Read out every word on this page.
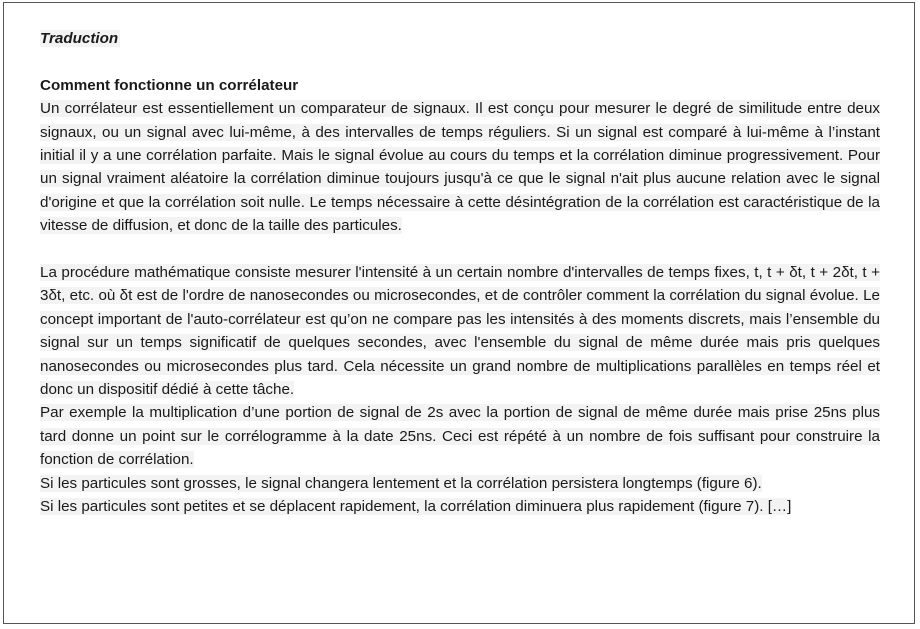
Traduction
Comment fonctionne un corrélateur

Un corrélateur est essentiellement un comparateur de signaux. Il est conçu pour mesurer le degré de similitude entre deux signaux, ou un signal avec lui-même, à des intervalles de temps réguliers. Si un signal est comparé à lui-même à l’instant initial il y a une corrélation parfaite. Mais le signal évolue au cours du temps et la corrélation diminue progressivement. Pour un signal vraiment aléatoire la corrélation diminue toujours jusqu'à ce que le signal n'ait plus aucune relation avec le signal d'origine et que la corrélation soit nulle. Le temps nécessaire à cette désintégration de la corrélation est caractéristique de la vitesse de diffusion, et donc de la taille des particules.

La procédure mathématique consiste mesurer l'intensité à un certain nombre d'intervalles de temps fixes, t, t + δt, t + 2δt, t + 3δt, etc. où δt est de l'ordre de nanosecondes ou microsecondes, et de contrôler comment la corrélation du signal évolue. Le concept important de l'auto-corrélateur est qu’on ne compare pas les intensités à des moments discrets, mais l’ensemble du signal sur un temps significatif de quelques secondes, avec l'ensemble du signal de même durée mais pris quelques nanosecondes ou microsecondes plus tard. Cela nécessite un grand nombre de multiplications parallèles en temps réel et donc un dispositif dédié à cette tâche.

Par exemple la multiplication d’une portion de signal de 2s avec la portion de signal de même durée mais prise 25ns plus tard donne un point sur le corrélogramme à la date 25ns. Ceci est répété à un nombre de fois suffisant pour construire la fonction de corrélation.

Si les particules sont grosses, le signal changera lentement et la corrélation persistera longtemps (figure 6).

Si les particules sont petites et se déplacent rapidement, la corrélation diminuera plus rapidement (figure 7). […]
